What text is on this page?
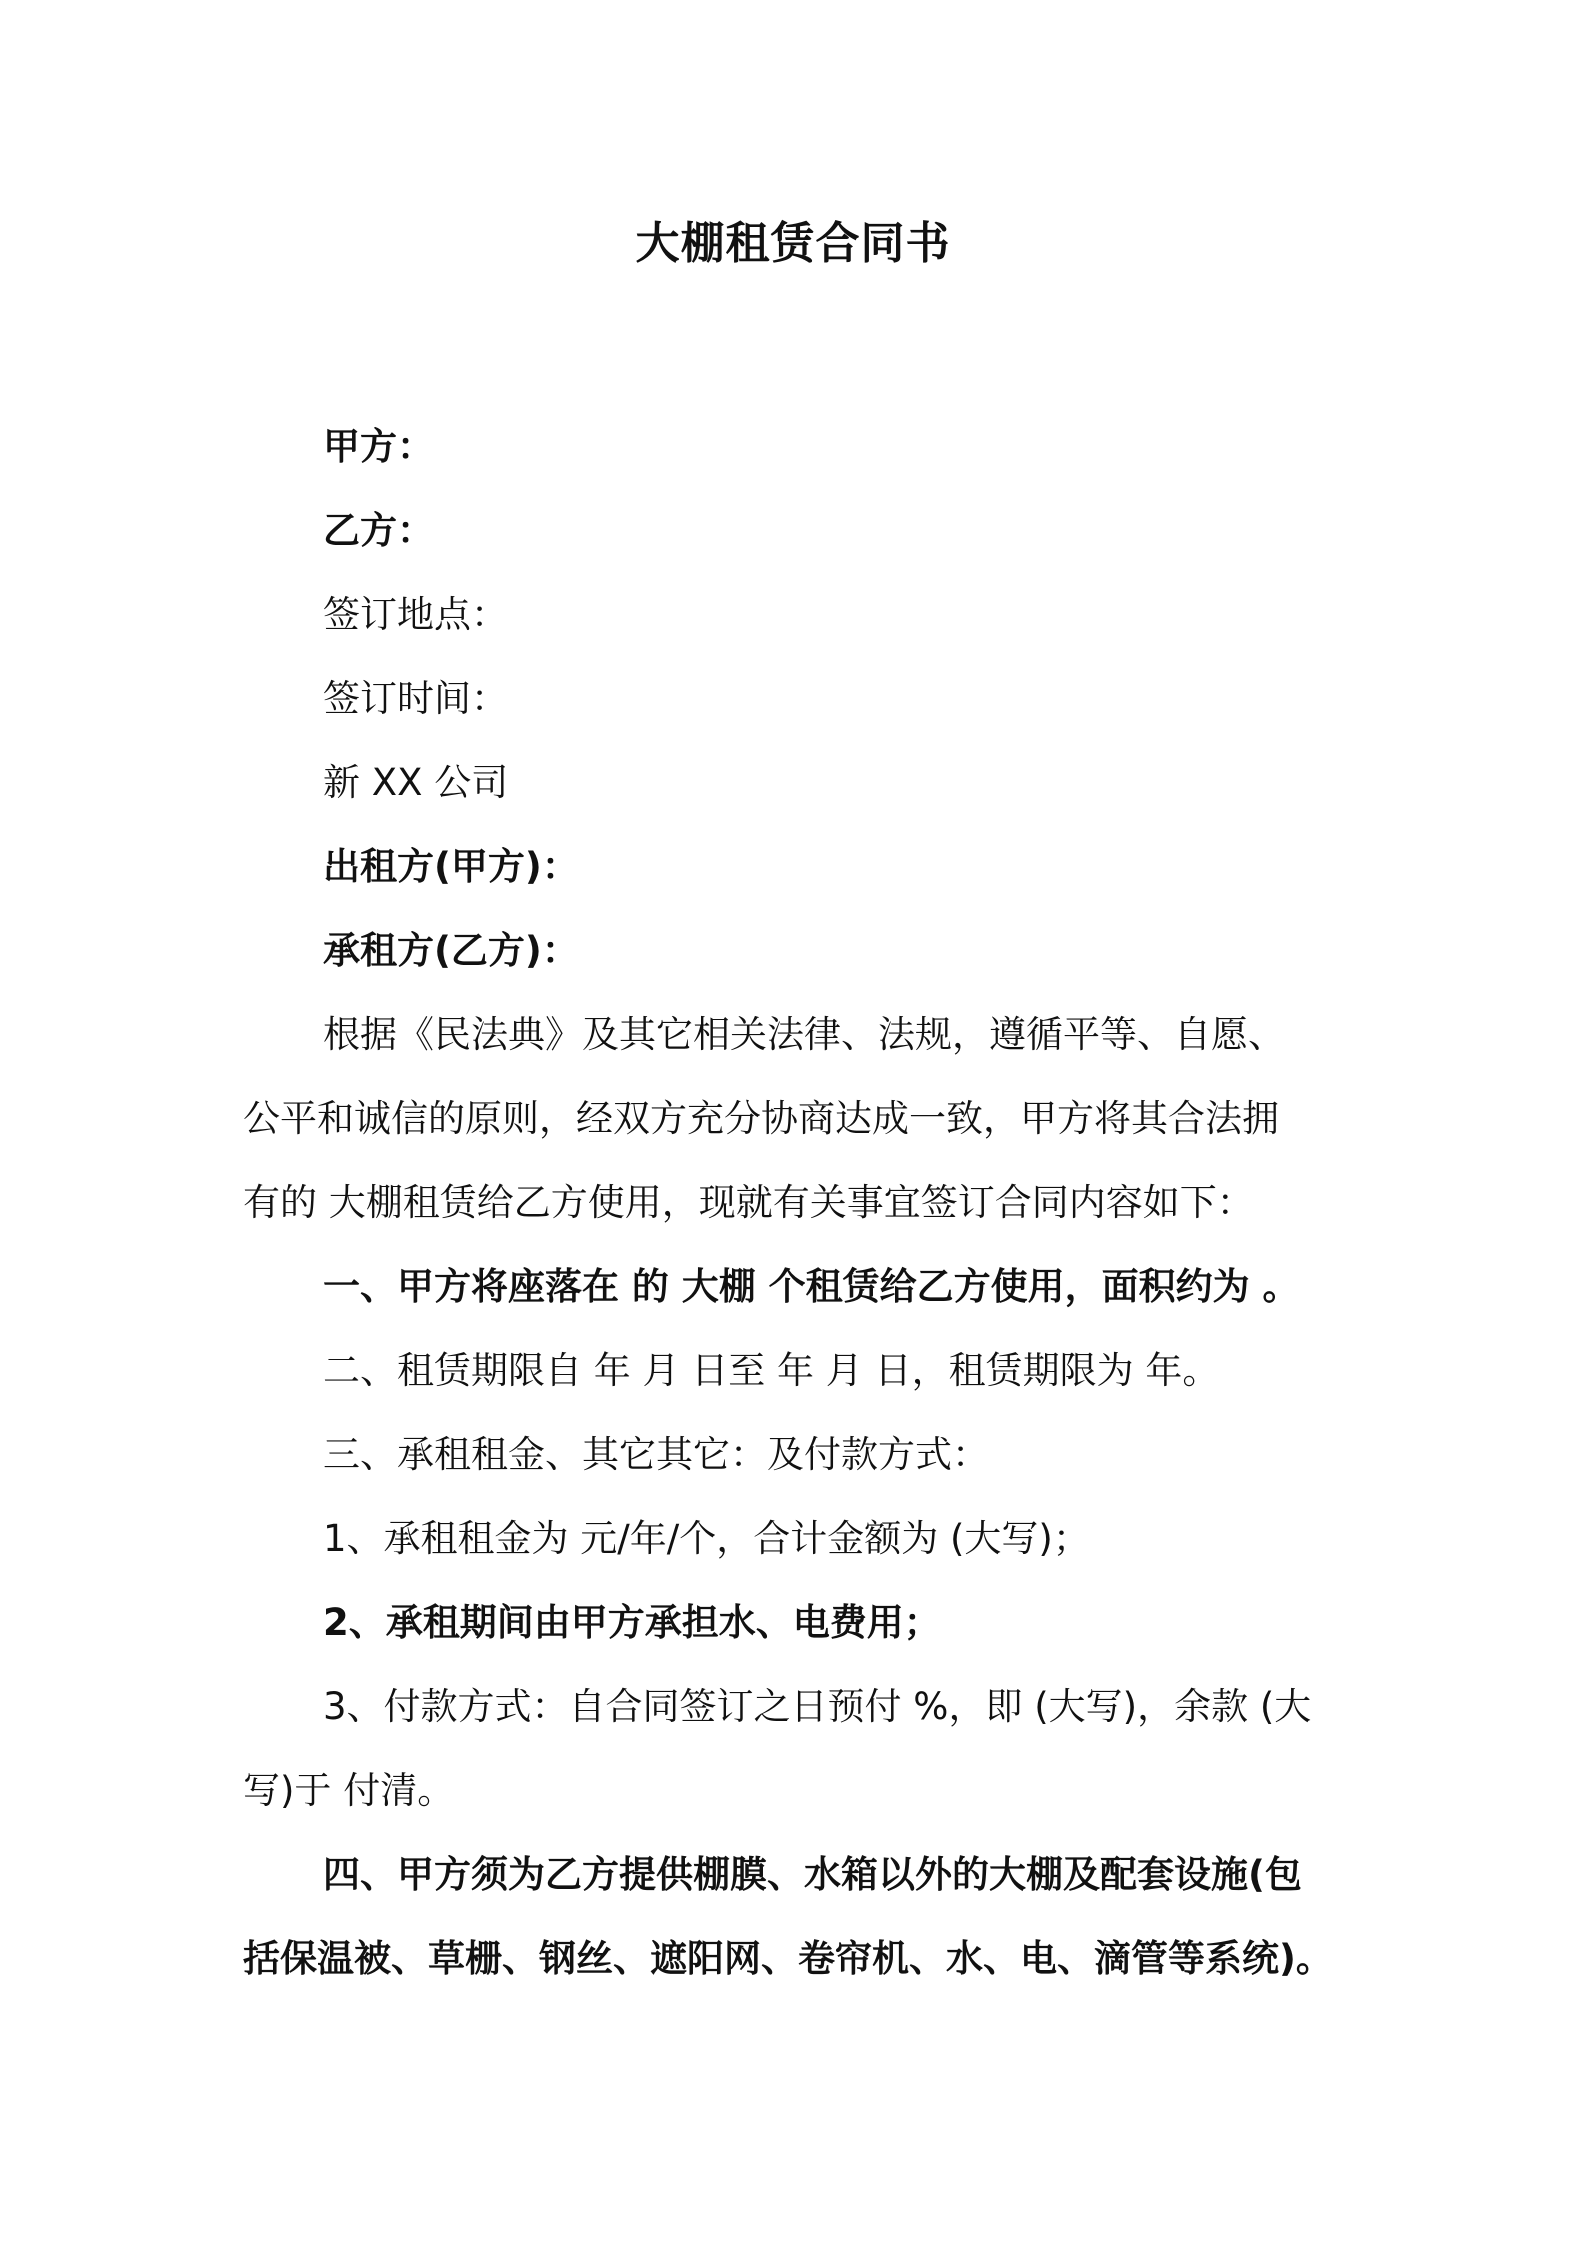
大棚租赁合同书
甲方：
乙方：
签订地点：
签订时间：
新 XX 公司
出租方(甲方)：
承租方(乙方)：
根据《民法典》及其它相关法律、法规，遵循平等、自愿、
公平和诚信的原则，经双方充分协商达成一致，甲方将其合法拥
有的 大棚租赁给乙方使用，现就有关事宜签订合同内容如下：
一、甲方将座落在 的 大棚 个租赁给乙方使用，面积约为 。
二、租赁期限自 年 月 日至 年 月 日，租赁期限为 年。
三、承租租金、其它其它：及付款方式：
1、承租租金为 元/年/个，合计金额为 (大写)；
2、承租期间由甲方承担水、电费用；
3、付款方式：自合同签订之日预付 %，即 (大写)，余款 (大
写)于 付清。
四、甲方须为乙方提供棚膜、水箱以外的大棚及配套设施(包
括保温被、草栅、钢丝、遮阳网、卷帘机、水、电、滴管等系统)。
